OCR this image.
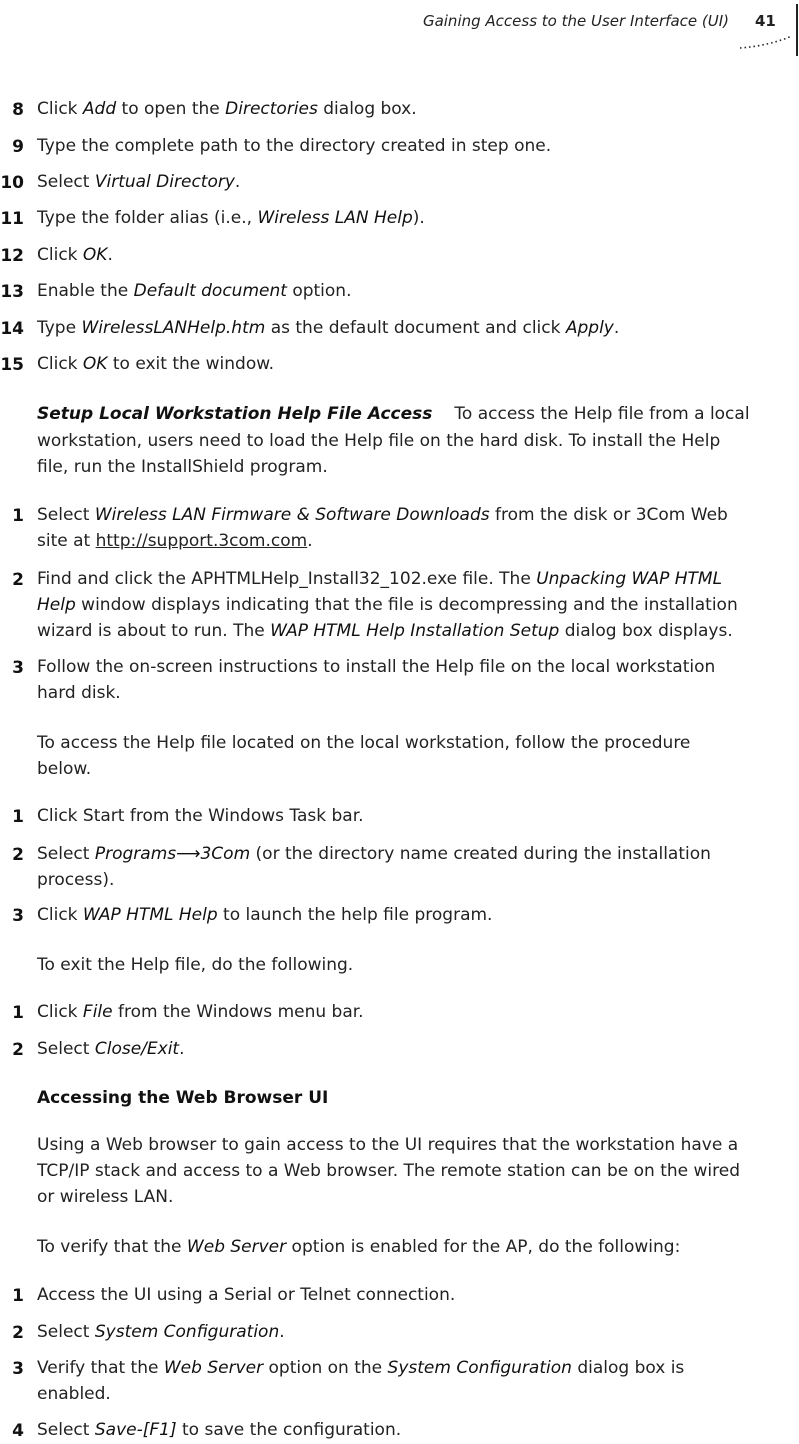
Gaining Access to the User Interface (UI) 41
8 Click Add to open the Directories dialog box.
9 Type the complete path to the directory created in step one.
10 Select Virtual Directory.
11 Type the folder alias (i.e., Wireless LAN Help).
12 Click OK.
13 Enable the Default document option.
14 Type WirelessLANHelp.htm as the default document and click Apply.
15 Click OK to exit the window.
Setup Local Workstation Help File Access To access the Help file from a local
workstation, users need to load the Help file on the hard disk. To install the Help
file, run the InstallShield program.
1 Select Wireless LAN Firmware & Software Downloads from the disk or 3Com Web
site at http://support.3com.com.
2 Find and click the APHTMLHelp_Install32_102.exe file. The Unpacking WAP HTML
Help window displays indicating that the file is decompressing and the installation
wizard is about to run. The WAP HTML Help Installation Setup dialog box displays.
3 Follow the on-screen instructions to install the Help file on the local workstation
hard disk.
To access the Help file located on the local workstation, follow the procedure
below.
1 Click Start from the Windows Task bar.
2 Select Programs⟶3Com (or the directory name created during the installation
process).
3 Click WAP HTML Help to launch the help file program.
To exit the Help file, do the following.
1 Click File from the Windows menu bar.
2 Select Close/Exit.
Accessing the Web Browser UI
Using a Web browser to gain access to the UI requires that the workstation have a
TCP/IP stack and access to a Web browser. The remote station can be on the wired
or wireless LAN.
To verify that the Web Server option is enabled for the AP, do the following:
1 Access the UI using a Serial or Telnet connection.
2 Select System Configuration.
3 Verify that the Web Server option on the System Configuration dialog box is
enabled.
4 Select Save-[F1] to save the configuration.
